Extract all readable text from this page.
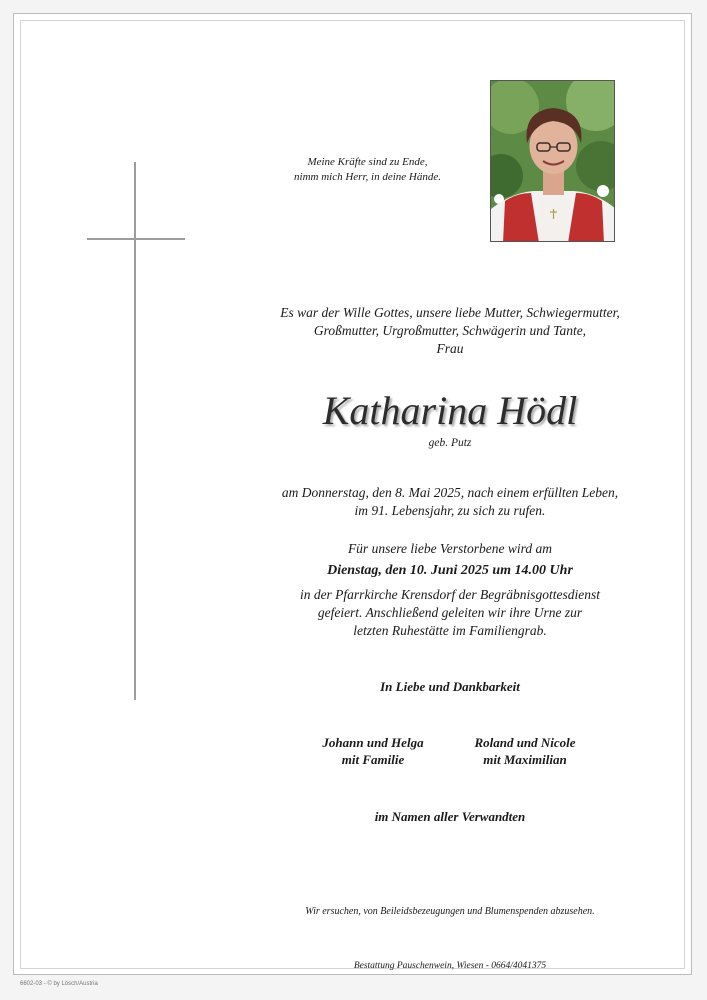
Meine Kräfte sind zu Ende,
nimm mich Herr, in deine Hände.
Es war der Wille Gottes, unsere liebe Mutter, Schwiegermutter,
Großmutter, Urgroßmutter, Schwägerin und Tante,
Frau
Katharina Hödl
geb. Putz
am Donnerstag, den 8. Mai 2025, nach einem erfüllten Leben,
im 91. Lebensjahr, zu sich zu rufen.
Für unsere liebe Verstorbene wird am
Dienstag, den 10. Juni 2025 um 14.00 Uhr
in der Pfarrkirche Krensdorf der Begräbnisgottesdienst
gefeiert. Anschließend geleiten wir ihre Urne zur
letzten Ruhestätte im Familiengrab.
In Liebe und Dankbarkeit
Johann und Helga
mit Familie
Roland und Nicole
mit Maximilian
im Namen aller Verwandten
Wir ersuchen, von Beileidsbezeugungen und Blumenspenden abzusehen.
Bestattung Pauschenwein, Wiesen - 0664/4041375
6602-03 - © by Lösch/Austria
